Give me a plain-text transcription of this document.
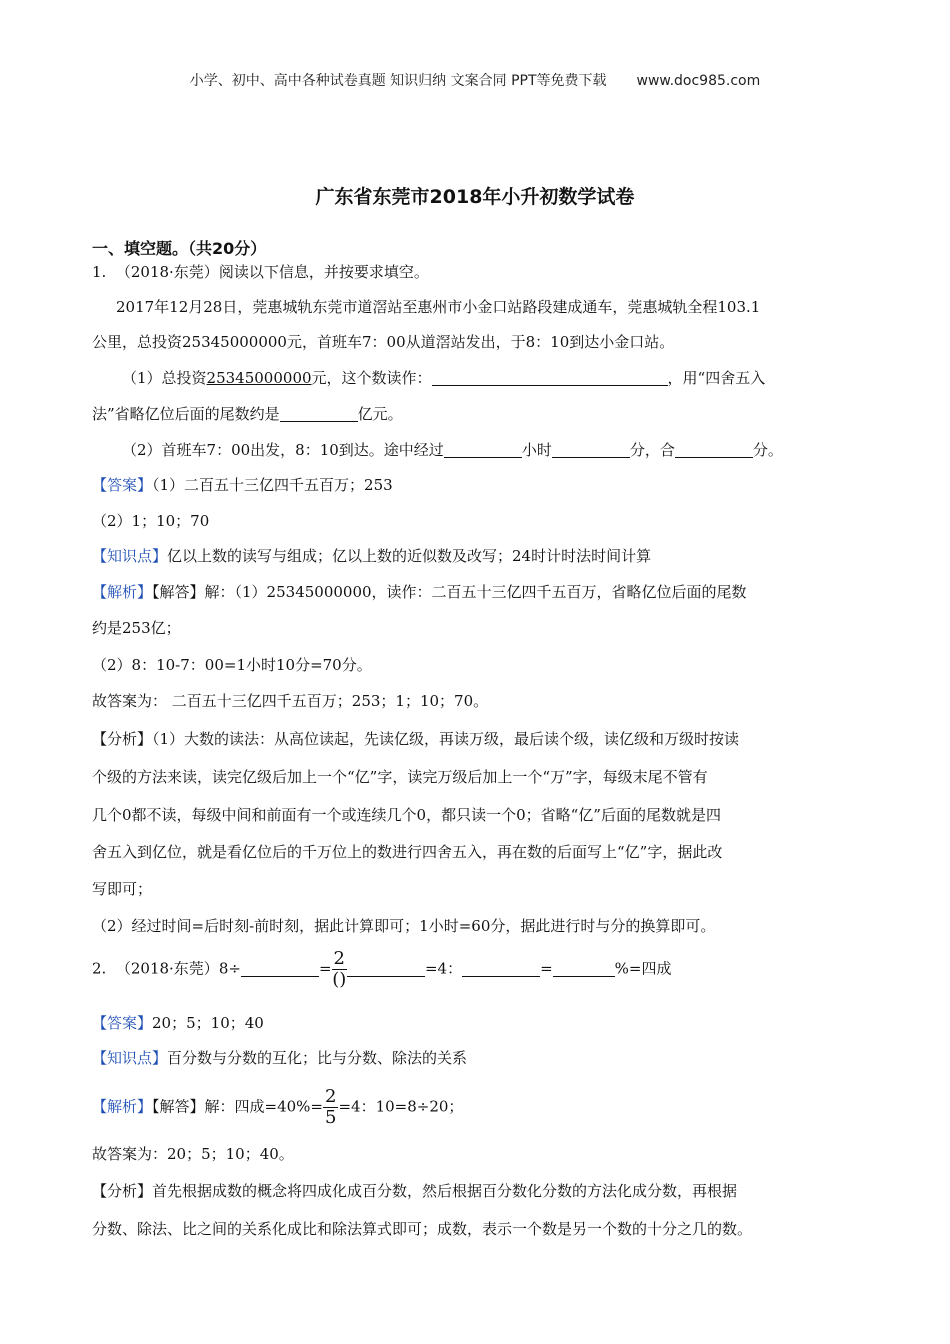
小学、初中、高中各种试卷真题 知识归纳 文案合同 PPT等免费下载 www.doc985.com
广东省东莞市2018年小升初数学试卷
一、填空题。（共20分）
1. （2018·东莞）阅读以下信息，并按要求填空。
2017年12月28日，莞惠城轨东莞市道滘站至惠州市小金口站路段建成通车，莞惠城轨全程103.1
公里，总投资25345000000元，首班车7：00从道滘站发出，于8：10到达小金口站。
（1）总投资25345000000元，这个数读作：	，用“四舍五入
法”省略亿位后面的尾数约是	亿元。
（2）首班车7：00出发，8：10到达。途中经过	小时	分，合	分。
【答案】（1）二百五十三亿四千五百万；253
（2）1；10；70
【知识点】亿以上数的读写与组成；亿以上数的近似数及改写；24时计时法时间计算
【解析】【解答】解：（1）25345000000，读作：二百五十三亿四千五百万，省略亿位后面的尾数
约是253亿；
（2）8：10-7：00=1小时10分=70分。
故答案为： 二百五十三亿四千五百万；253；1；10；70。
【分析】（1）大数的读法：从高位读起，先读亿级，再读万级，最后读个级，读亿级和万级时按读
个级的方法来读，读完亿级后加上一个“亿”字，读完万级后加上一个“万”字，每级末尾不管有
几个0都不读，每级中间和前面有一个或连续几个0，都只读一个0；省略“亿”后面的尾数就是四
舍五入到亿位，就是看亿位后的千万位上的数进行四舍五入，再在数的后面写上“亿”字，据此改
写即可；
（2）经过时间=后时刻-前时刻，据此计算即可；1小时=60分，据此进行时与分的换算即可。
2. （2018·东莞）8÷	= $\frac{2}{()}$	=4：	=	%=四成
【答案】20；5；10；40
【知识点】百分数与分数的互化；比与分数、除法的关系
【解析】【解答】解：四成$=40\%= \frac{2}{5} =4$：10=8÷20；
故答案为：20；5；10；40。
【分析】首先根据成数的概念将四成化成百分数，然后根据百分数化分数的方法化成分数，再根据
分数、除法、比之间的关系化成比和除法算式即可；成数，表示一个数是另一个数的十分之几的数。
